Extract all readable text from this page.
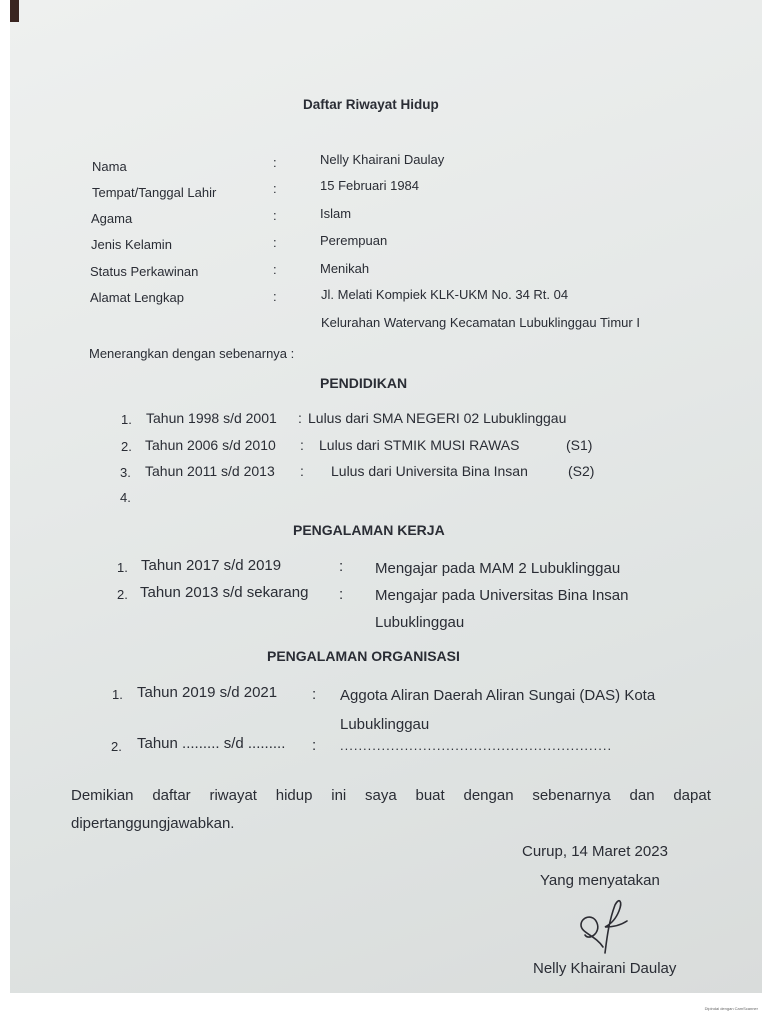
Daftar Riwayat Hidup
Nama	:	Nelly Khairani Daulay
Tempat/Tanggal Lahir	:	15 Februari 1984
Agama	:	Islam
Jenis Kelamin	:	Perempuan
Status Perkawinan	:	Menikah
Alamat Lengkap	:	Jl. Melati Kompiek KLK-UKM No. 34 Rt. 04
Kelurahan Watervang Kecamatan Lubuklinggau Timur I
Menerangkan dengan sebenarnya :
PENDIDIKAN
1. Tahun 1998 s/d 2001 : Lulus dari SMA NEGERI 02 Lubuklinggau
2. Tahun 2006 s/d 2010 : Lulus dari STMIK MUSI RAWAS	(S1)
3. Tahun 2011 s/d 2013 : Lulus dari Universita Bina Insan	(S2)
4.
PENGALAMAN KERJA
1. Tahun 2017 s/d 2019	: Mengajar pada MAM 2 Lubuklinggau
2. Tahun 2013 s/d sekarang : Mengajar pada Universitas Bina Insan
Lubuklinggau
PENGALAMAN ORGANISASI
1. Tahun 2019 s/d 2021 : Aggota Aliran Daerah Aliran Sungai (DAS) Kota
Lubuklinggau
2. Tahun ......... s/d ......... : ...........................................................
Demikian daftar riwayat hidup ini saya buat dengan sebenarnya dan dapat
dipertanggungjawabkan.
Curup, 14 Maret 2023
Yang menyatakan
Nelly Khairani Daulay
Dipindai dengan CamScanner
